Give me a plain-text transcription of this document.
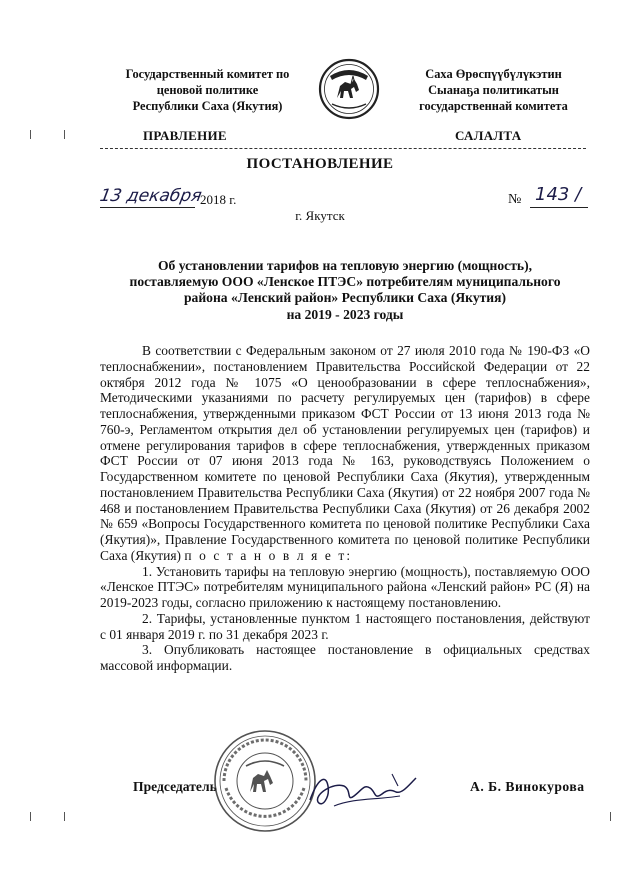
Государственный комитет по
ценовой политике
Республики Саха (Якутия)
Саха Өрөспүүбүлүкэтин
Сыанаҕа политикатын
государственнай комитета
ПРАВЛЕНИЕ	САЛАЛТА
ПОСТАНОВЛЕНИЕ
13 декабря
2018 г.	№ 143 /
г. Якутск
Об установлении тарифов на тепловую энергию (мощность),
поставляемую ООО «Ленское ПТЭС» потребителям муниципального
района «Ленский район» Республики Саха (Якутия)
на 2019 - 2023 годы

В соответствии с Федеральным законом от 27 июля 2010 года № 190-ФЗ «О теплоснабжении», постановлением Правительства Российской Федерации от 22 октября 2012 года № 1075 «О ценообразовании в сфере теплоснабжения», Методическими указаниями по расчету регулируемых цен (тарифов) в сфере теплоснабжения, утвержденными приказом ФСТ России от 13 июня 2013 года № 760-э, Регламентом открытия дел об установлении регулируемых цен (тарифов) и отмене регулирования тарифов в сфере теплоснабжения, утвержденных приказом ФСТ России от 07 июня 2013 года № 163, руководствуясь Положением о Государственном комитете по ценовой Республики Саха (Якутия), утвержденным постановлением Правительства Республики Саха (Якутия) от 22 ноября 2007 года № 468 и постановлением Правительства Республики Саха (Якутия) от 26 декабря 2002 № 659 «Вопросы Государственного комитета по ценовой политике Республики Саха (Якутия)», Правление Государственного комитета по ценовой политике Республики Саха (Якутия) п о с т а н о в л я е т:

1. Установить тарифы на тепловую энергию (мощность), поставляемую ООО «Ленское ПТЭС» потребителям муниципального района «Ленский район» РС (Я) на 2019-2023 годы, согласно приложению к настоящему постановлению.

2. Тарифы, установленные пунктом 1 настоящего постановления, действуют с 01 января 2019 г. по 31 декабря 2023 г.

3. Опубликовать настоящее постановление в официальных средствах массовой информации.

Председатель	А. Б. Винокурова
